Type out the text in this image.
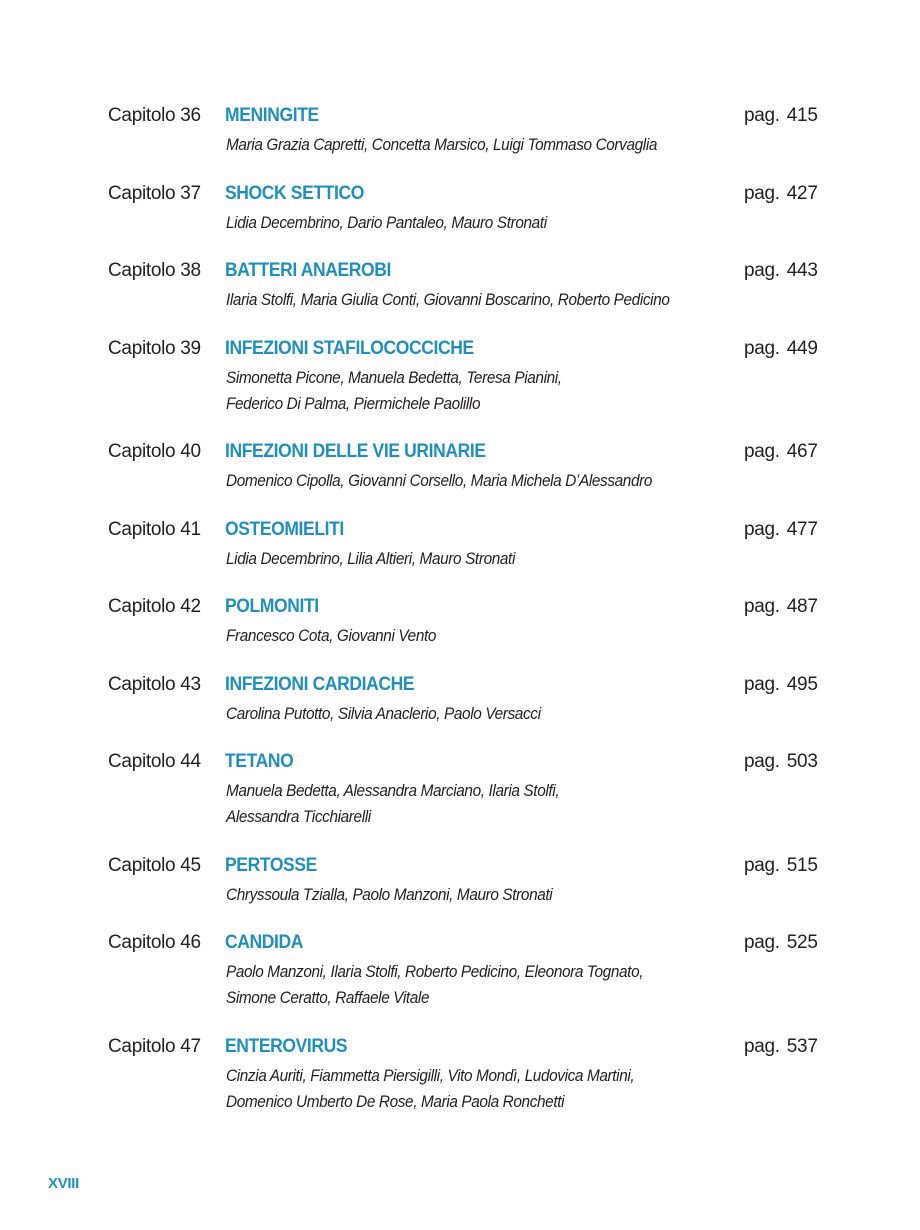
Capitolo 36 MENINGITE	pag. 415
Maria Grazia Capretti, Concetta Marsico, Luigi Tommaso Corvaglia
Capitolo 37 SHOCK SETTICO	pag. 427
Lidia Decembrino, Dario Pantaleo, Mauro Stronati
Capitolo 38 BATTERI ANAEROBI	pag. 443
Ilaria Stolfi, Maria Giulia Conti, Giovanni Boscarino, Roberto Pedicino
Capitolo 39 INFEZIONI STAFILOCOCCICHE	pag. 449
Simonetta Picone, Manuela Bedetta, Teresa Pianini,
Federico Di Palma, Piermichele Paolillo
Capitolo 40 INFEZIONI DELLE VIE URINARIE	pag. 467
Domenico Cipolla, Giovanni Corsello, Maria Michela D’Alessandro
Capitolo 41 OSTEOMIELITI	pag. 477
Lidia Decembrino, Lilia Altieri, Mauro Stronati
Capitolo 42 POLMONITI	pag. 487
Francesco Cota, Giovanni Vento
Capitolo 43 INFEZIONI CARDIACHE	pag. 495
Carolina Putotto, Silvia Anaclerio, Paolo Versacci
Capitolo 44 TETANO	pag. 503
Manuela Bedetta, Alessandra Marciano, Ilaria Stolfi,
Alessandra Ticchiarelli
Capitolo 45 PERTOSSE	pag. 515
Chryssoula Tzialla, Paolo Manzoni, Mauro Stronati
Capitolo 46 CANDIDA	pag. 525
Paolo Manzoni, Ilaria Stolfi, Roberto Pedicino, Eleonora Tognato,
Simone Ceratto, Raffaele Vitale
Capitolo 47 ENTEROVIRUS	pag. 537
Cinzia Auriti, Fiammetta Piersigilli, Vito Mondì, Ludovica Martini,
Domenico Umberto De Rose, Maria Paola Ronchetti
XVIII
